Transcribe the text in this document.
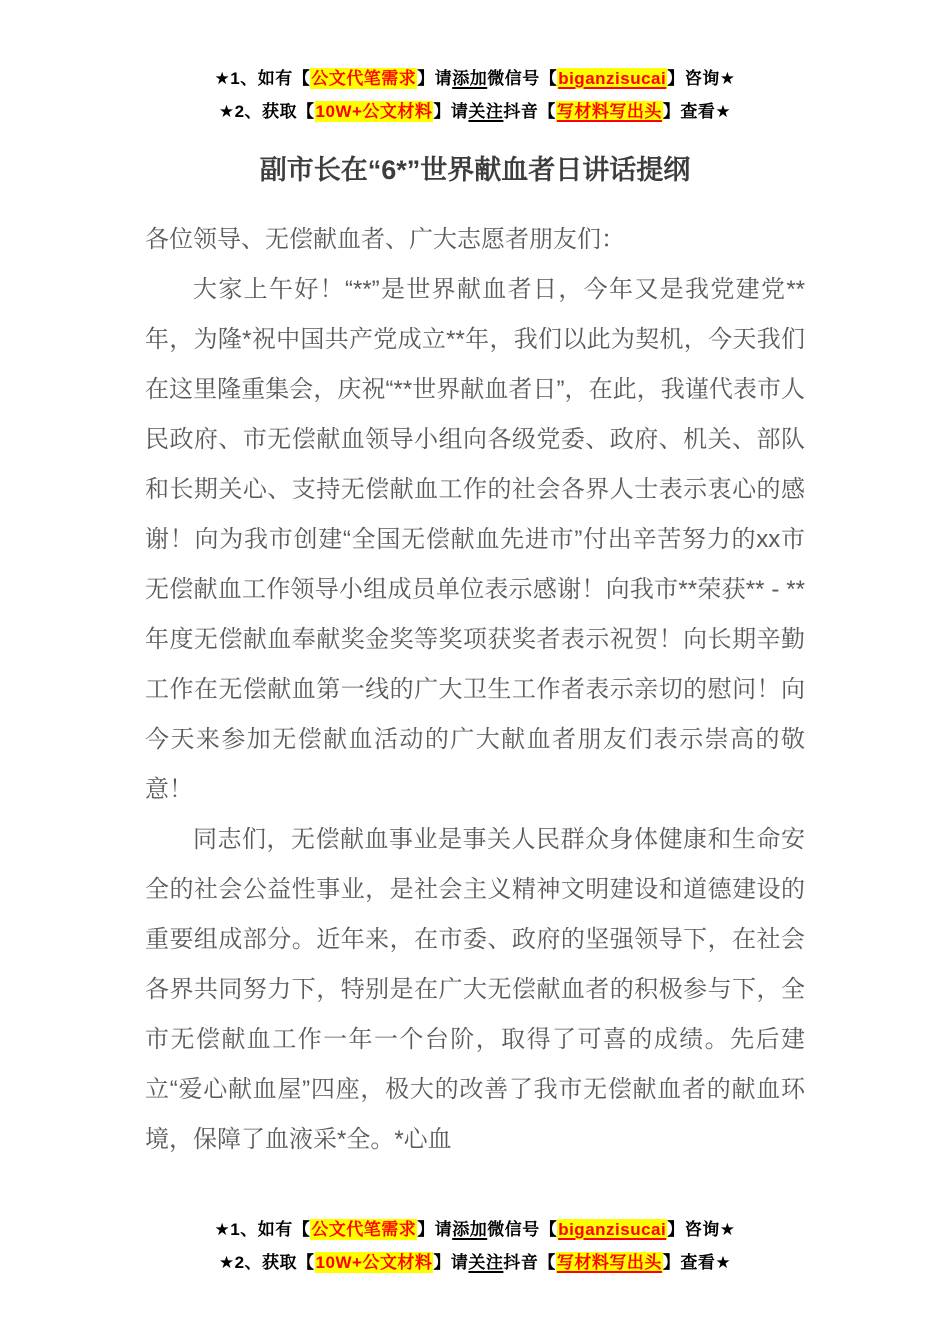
★1、如有【公文代笔需求】请添加微信号【biganzisucai】咨询★
★2、获取【10W+公文材料】请关注抖音【写材料写出头】查看★
副市长在“6*”世界献血者日讲话提纲

各位领导、无偿献血者、广大志愿者朋友们：

大家上午好！“**”是世界献血者日，今年又是我党建党**年，为隆*祝中国共产党成立**年，我们以此为契机，今天我们在这里隆重集会，庆祝“**世界献血者日”，在此，我谨代表市人民政府、市无偿献血领导小组向各级党委、政府、机关、部队和长期关心、支持无偿献血工作的社会各界人士表示衷心的感谢！向为我市创建“全国无偿献血先进市”付出辛苦努力的xx市无偿献血工作领导小组成员单位表示感谢！向我市**荣获** - **年度无偿献血奉献奖金奖等奖项获奖者表示祝贺！向长期辛勤工作在无偿献血第一线的广大卫生工作者表示亲切的慰问！向今天来参加无偿献血活动的广大献血者朋友们表示崇高的敬意！

同志们，无偿献血事业是事关人民群众身体健康和生命安全的社会公益性事业，是社会主义精神文明建设和道德建设的重要组成部分。近年来，在市委、政府的坚强领导下，在社会各界共同努力下，特别是在广大无偿献血者的积极参与下，全市无偿献血工作一年一个台阶，取得了可喜的成绩。先后建立“爱心献血屋”四座，极大的改善了我市无偿献血者的献血环境，保障了血液采*全。*心血

★1、如有【公文代笔需求】请添加微信号【biganzisucai】咨询★
★2、获取【10W+公文材料】请关注抖音【写材料写出头】查看★
